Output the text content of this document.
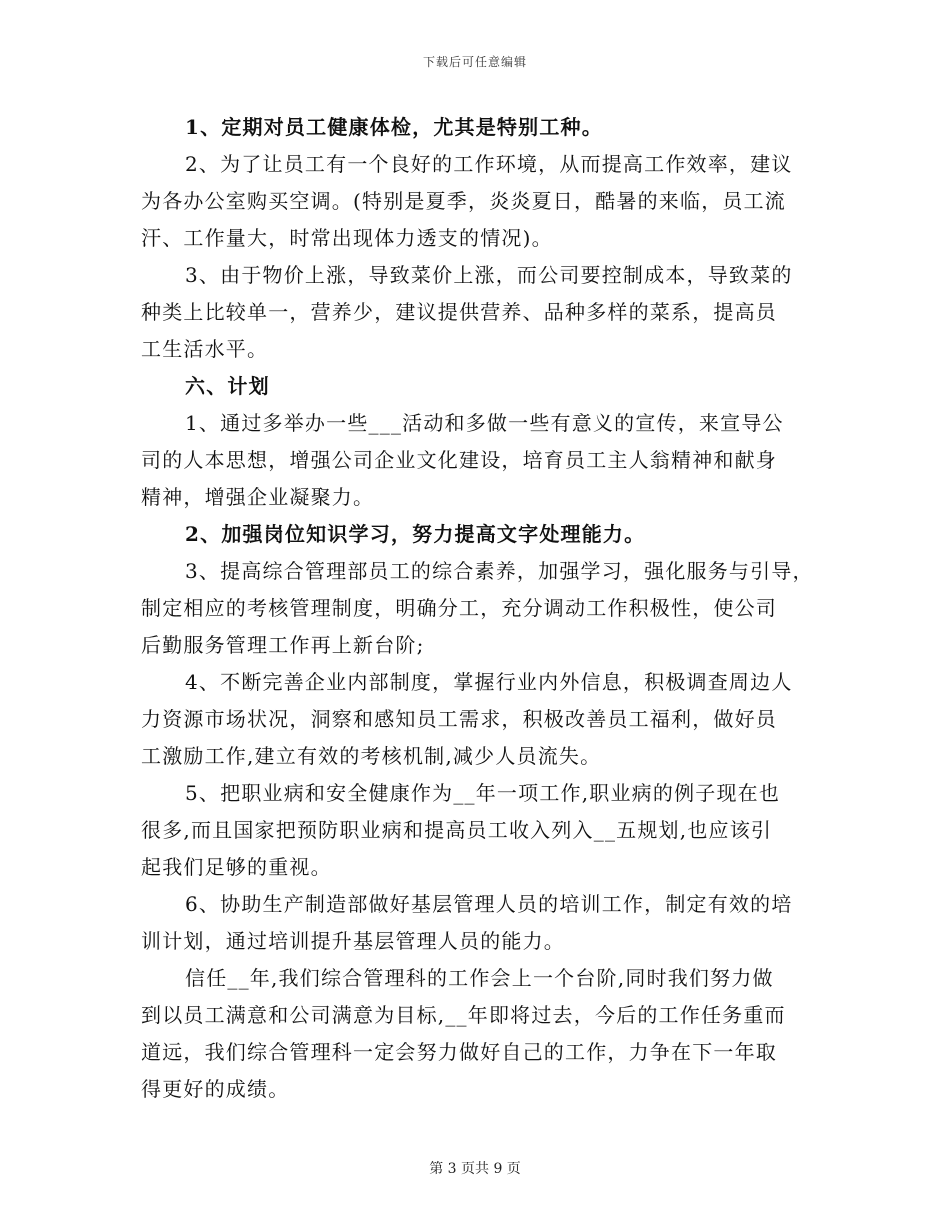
下载后可任意编辑
1、定期对员工健康体检，尤其是特别工种。
2、为了让员工有一个良好的工作环境，从而提高工作效率，建议
为各办公室购买空调。(特别是夏季，炎炎夏日，酷暑的来临，员工流
汗、工作量大，时常出现体力透支的情况)。
3、由于物价上涨，导致菜价上涨，而公司要控制成本，导致菜的
种类上比较单一，营养少，建议提供营养、品种多样的菜系，提高员
工生活水平。
六、计划
1、通过多举办一些___活动和多做一些有意义的宣传，来宣导公
司的人本思想，增强公司企业文化建设，培育员工主人翁精神和献身
精神，增强企业凝聚力。
2、加强岗位知识学习，努力提高文字处理能力。
3、提高综合管理部员工的综合素养，加强学习，强化服务与引导，
制定相应的考核管理制度，明确分工，充分调动工作积极性，使公司
后勤服务管理工作再上新台阶;
4、不断完善企业内部制度，掌握行业内外信息，积极调查周边人
力资源市场状况，洞察和感知员工需求，积极改善员工福利，做好员
工激励工作,建立有效的考核机制,减少人员流失。
5、把职业病和安全健康作为__年一项工作,职业病的例子现在也
很多,而且国家把预防职业病和提高员工收入列入__五规划,也应该引
起我们足够的重视。
6、协助生产制造部做好基层管理人员的培训工作，制定有效的培
训计划，通过培训提升基层管理人员的能力。
信任__年,我们综合管理科的工作会上一个台阶,同时我们努力做
到以员工满意和公司满意为目标,__年即将过去，今后的工作任务重而
道远，我们综合管理科一定会努力做好自己的工作，力争在下一年取
得更好的成绩。
第 3 页共 9 页
